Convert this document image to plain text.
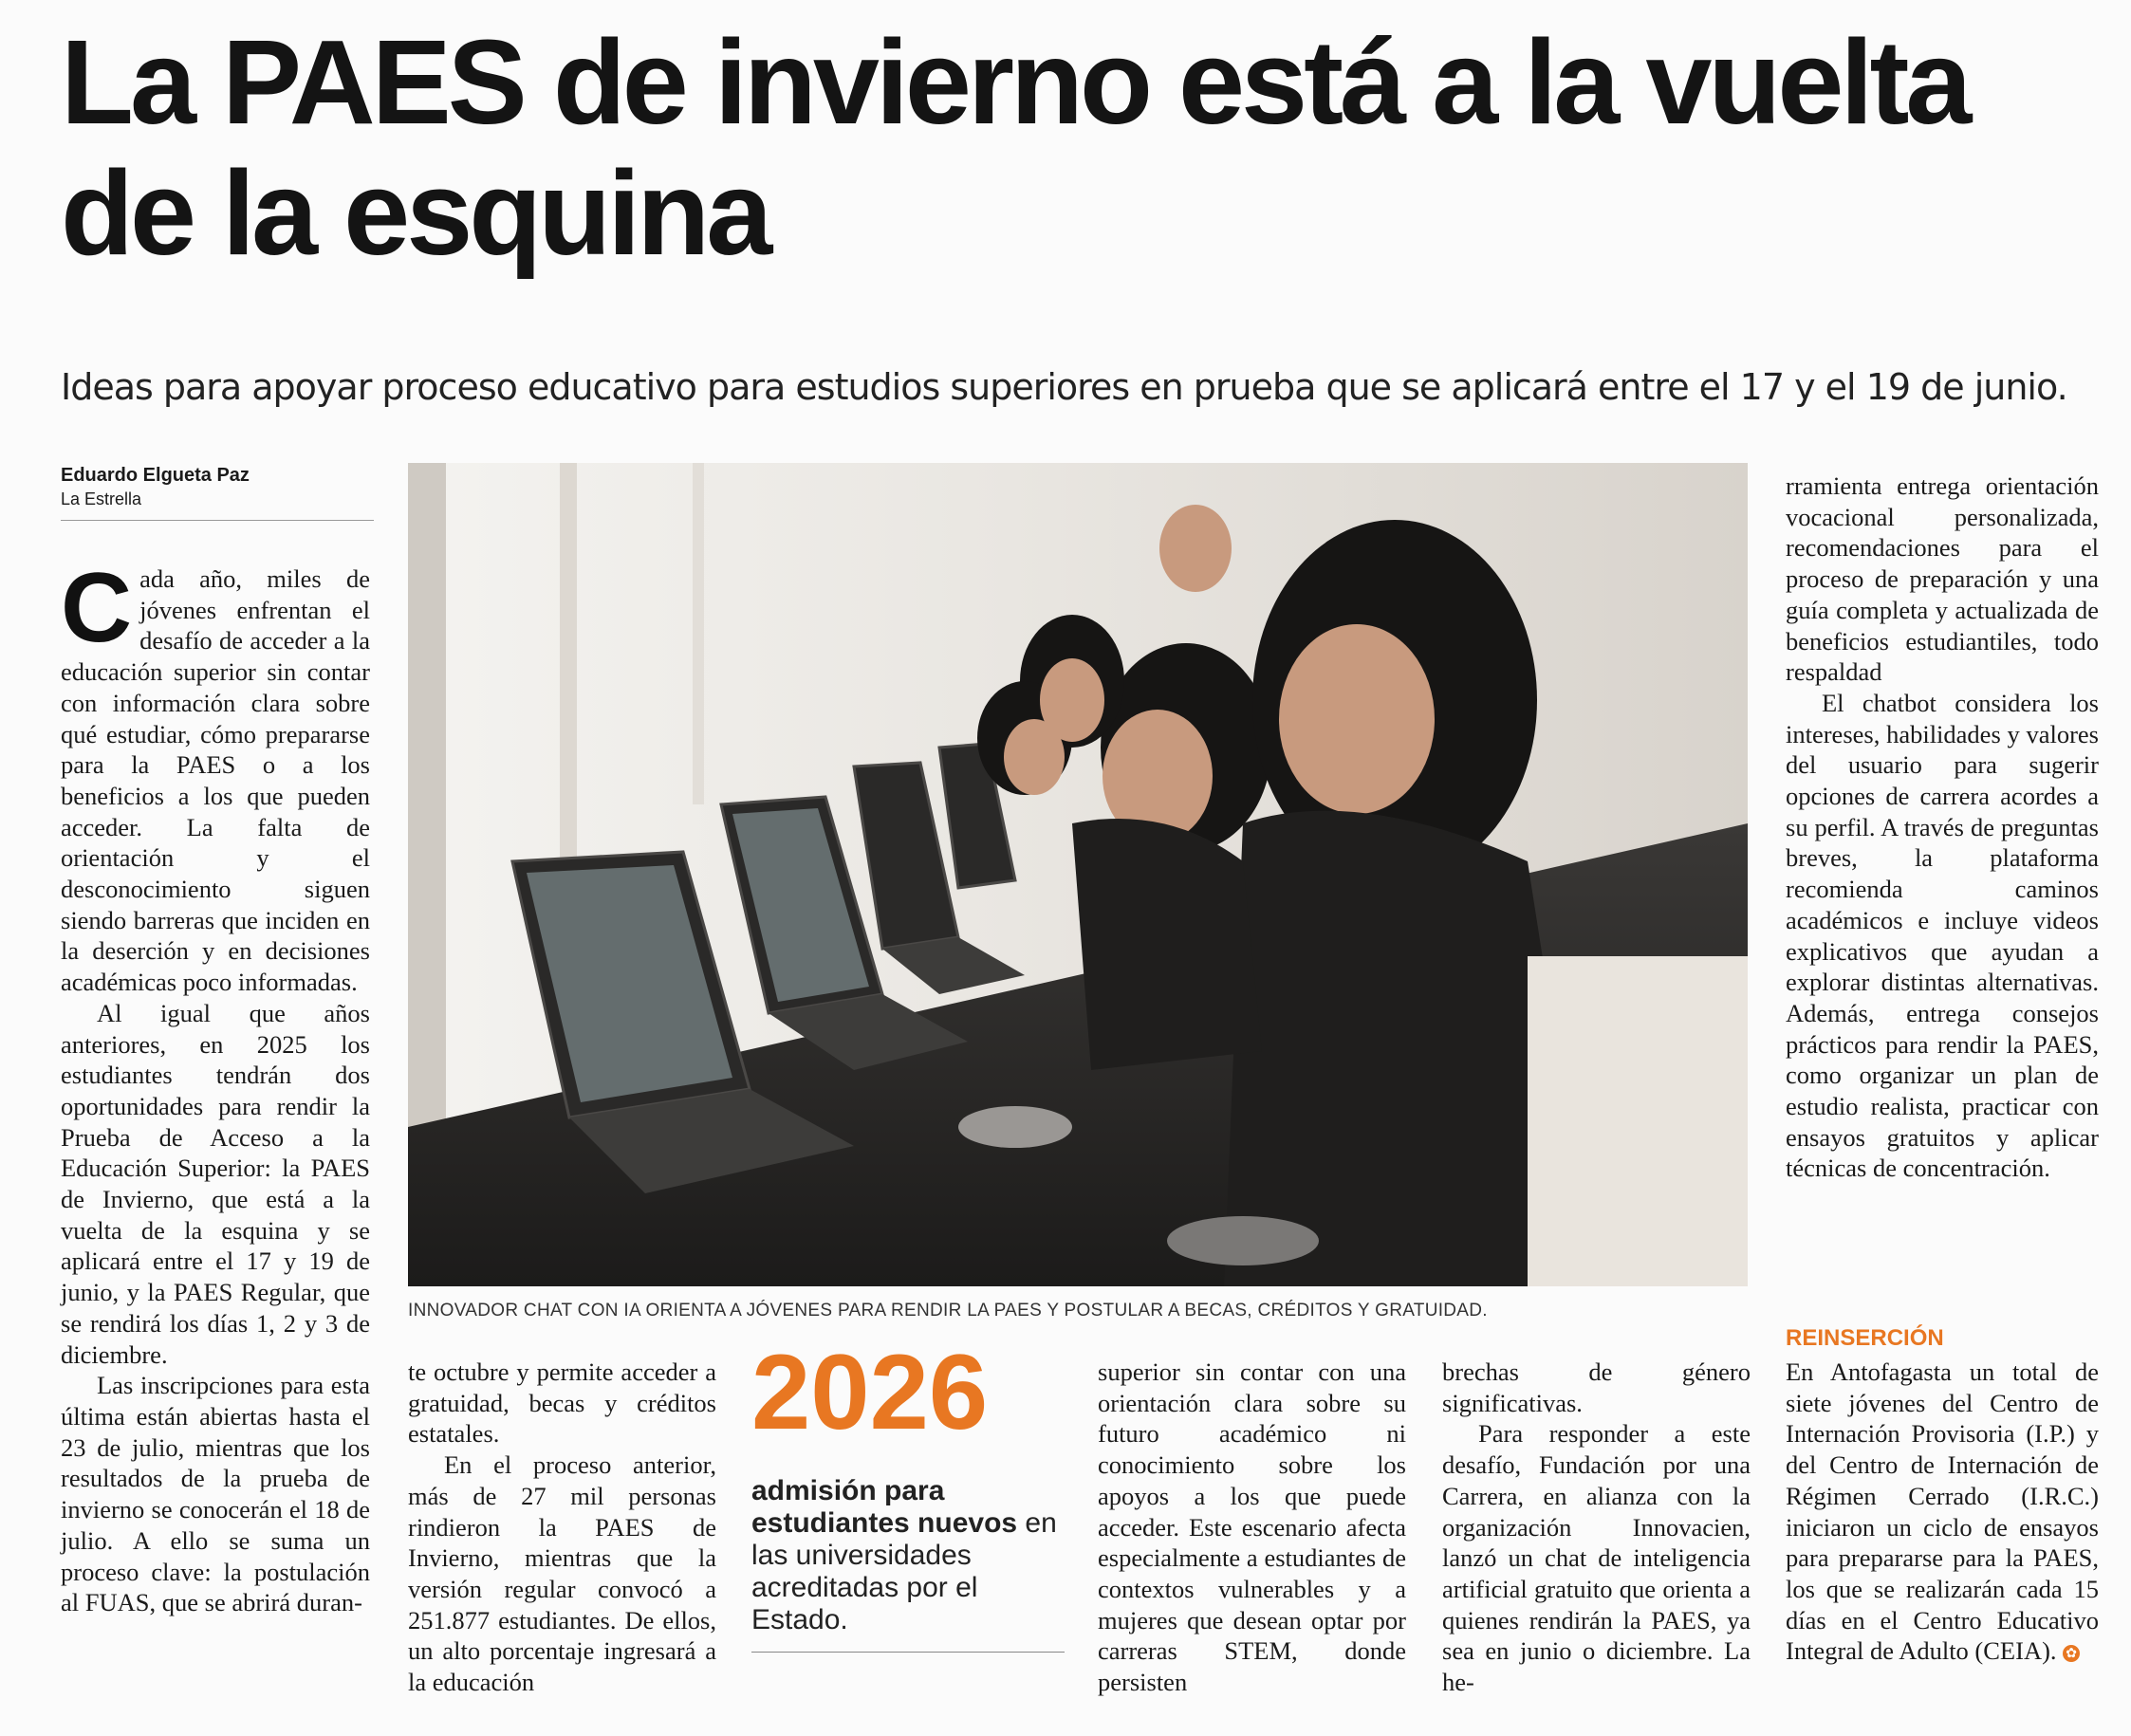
La PAES de invierno está a la vuelta de la esquina
Ideas para apoyar proceso educativo para estudios superiores en prueba que se aplicará entre el 17 y el 19 de junio.
Eduardo Elgueta Paz
La Estrella

Cada año, miles de jóvenes enfrentan el desafío de acceder a la educación superior sin contar con información clara sobre qué estudiar, cómo prepararse para la PAES o a los beneficios a los que pueden acceder. La falta de orientación y el desconocimiento siguen siendo barreras que inciden en la deserción y en decisiones académicas poco informadas.

Al igual que años anteriores, en 2025 los estudiantes tendrán dos oportunidades para rendir la Prueba de Acceso a la Educación Superior: la PAES de Invierno, que está a la vuelta de la esquina y se aplicará entre el 17 y 19 de junio, y la PAES Regular, que se rendirá los días 1, 2 y 3 de diciembre.

Las inscripciones para esta última están abiertas hasta el 23 de julio, mientras que los resultados de la prueba de invierno se conocerán el 18 de julio. A ello se suma un proceso clave: la postulación al FUAS, que se abrirá duran-

INNOVADOR CHAT CON IA ORIENTA A JÓVENES PARA RENDIR LA PAES Y POSTULAR A BECAS, CRÉDITOS Y GRATUIDAD.

te octubre y permite acceder a gratuidad, becas y créditos estatales.

En el proceso anterior, más de 27 mil personas rindieron la PAES de Invierno, mientras que la versión regular convocó a 251.877 estudiantes. De ellos, un alto porcentaje ingresará a la educación

2026
admisión para estudiantes nuevos en las universidades acreditadas por el Estado.

superior sin contar con una orientación clara sobre su futuro académico ni conocimiento sobre los apoyos a los que puede acceder. Este escenario afecta especialmente a estudiantes de contextos vulnerables y a mujeres que desean optar por carreras STEM, donde persisten

brechas de género significativas.

Para responder a este desafío, Fundación por una Carrera, en alianza con la organización Innovacien, lanzó un chat de inteligencia artificial gratuito que orienta a quienes rendirán la PAES, ya sea en junio o diciembre. La he-

rramienta entrega orientación vocacional personalizada, recomendaciones para el proceso de preparación y una guía completa y actualizada de beneficios estudiantiles, todo respaldad

El chatbot considera los intereses, habilidades y valores del usuario para sugerir opciones de carrera acordes a su perfil. A través de preguntas breves, la plataforma recomienda caminos académicos e incluye videos explicativos que ayudan a explorar distintas alternativas. Además, entrega consejos prácticos para rendir la PAES, como organizar un plan de estudio realista, practicar con ensayos gratuitos y aplicar técnicas de concentración.

REINSERCIÓN

En Antofagasta un total de siete jóvenes del Centro de Internación Provisoria (I.P.) y del Centro de Internación de Régimen Cerrado (I.R.C.) iniciaron un ciclo de ensayos para prepararse para la PAES, los que se realizarán cada 15 días en el Centro Educativo Integral de Adulto (CEIA). ✿
